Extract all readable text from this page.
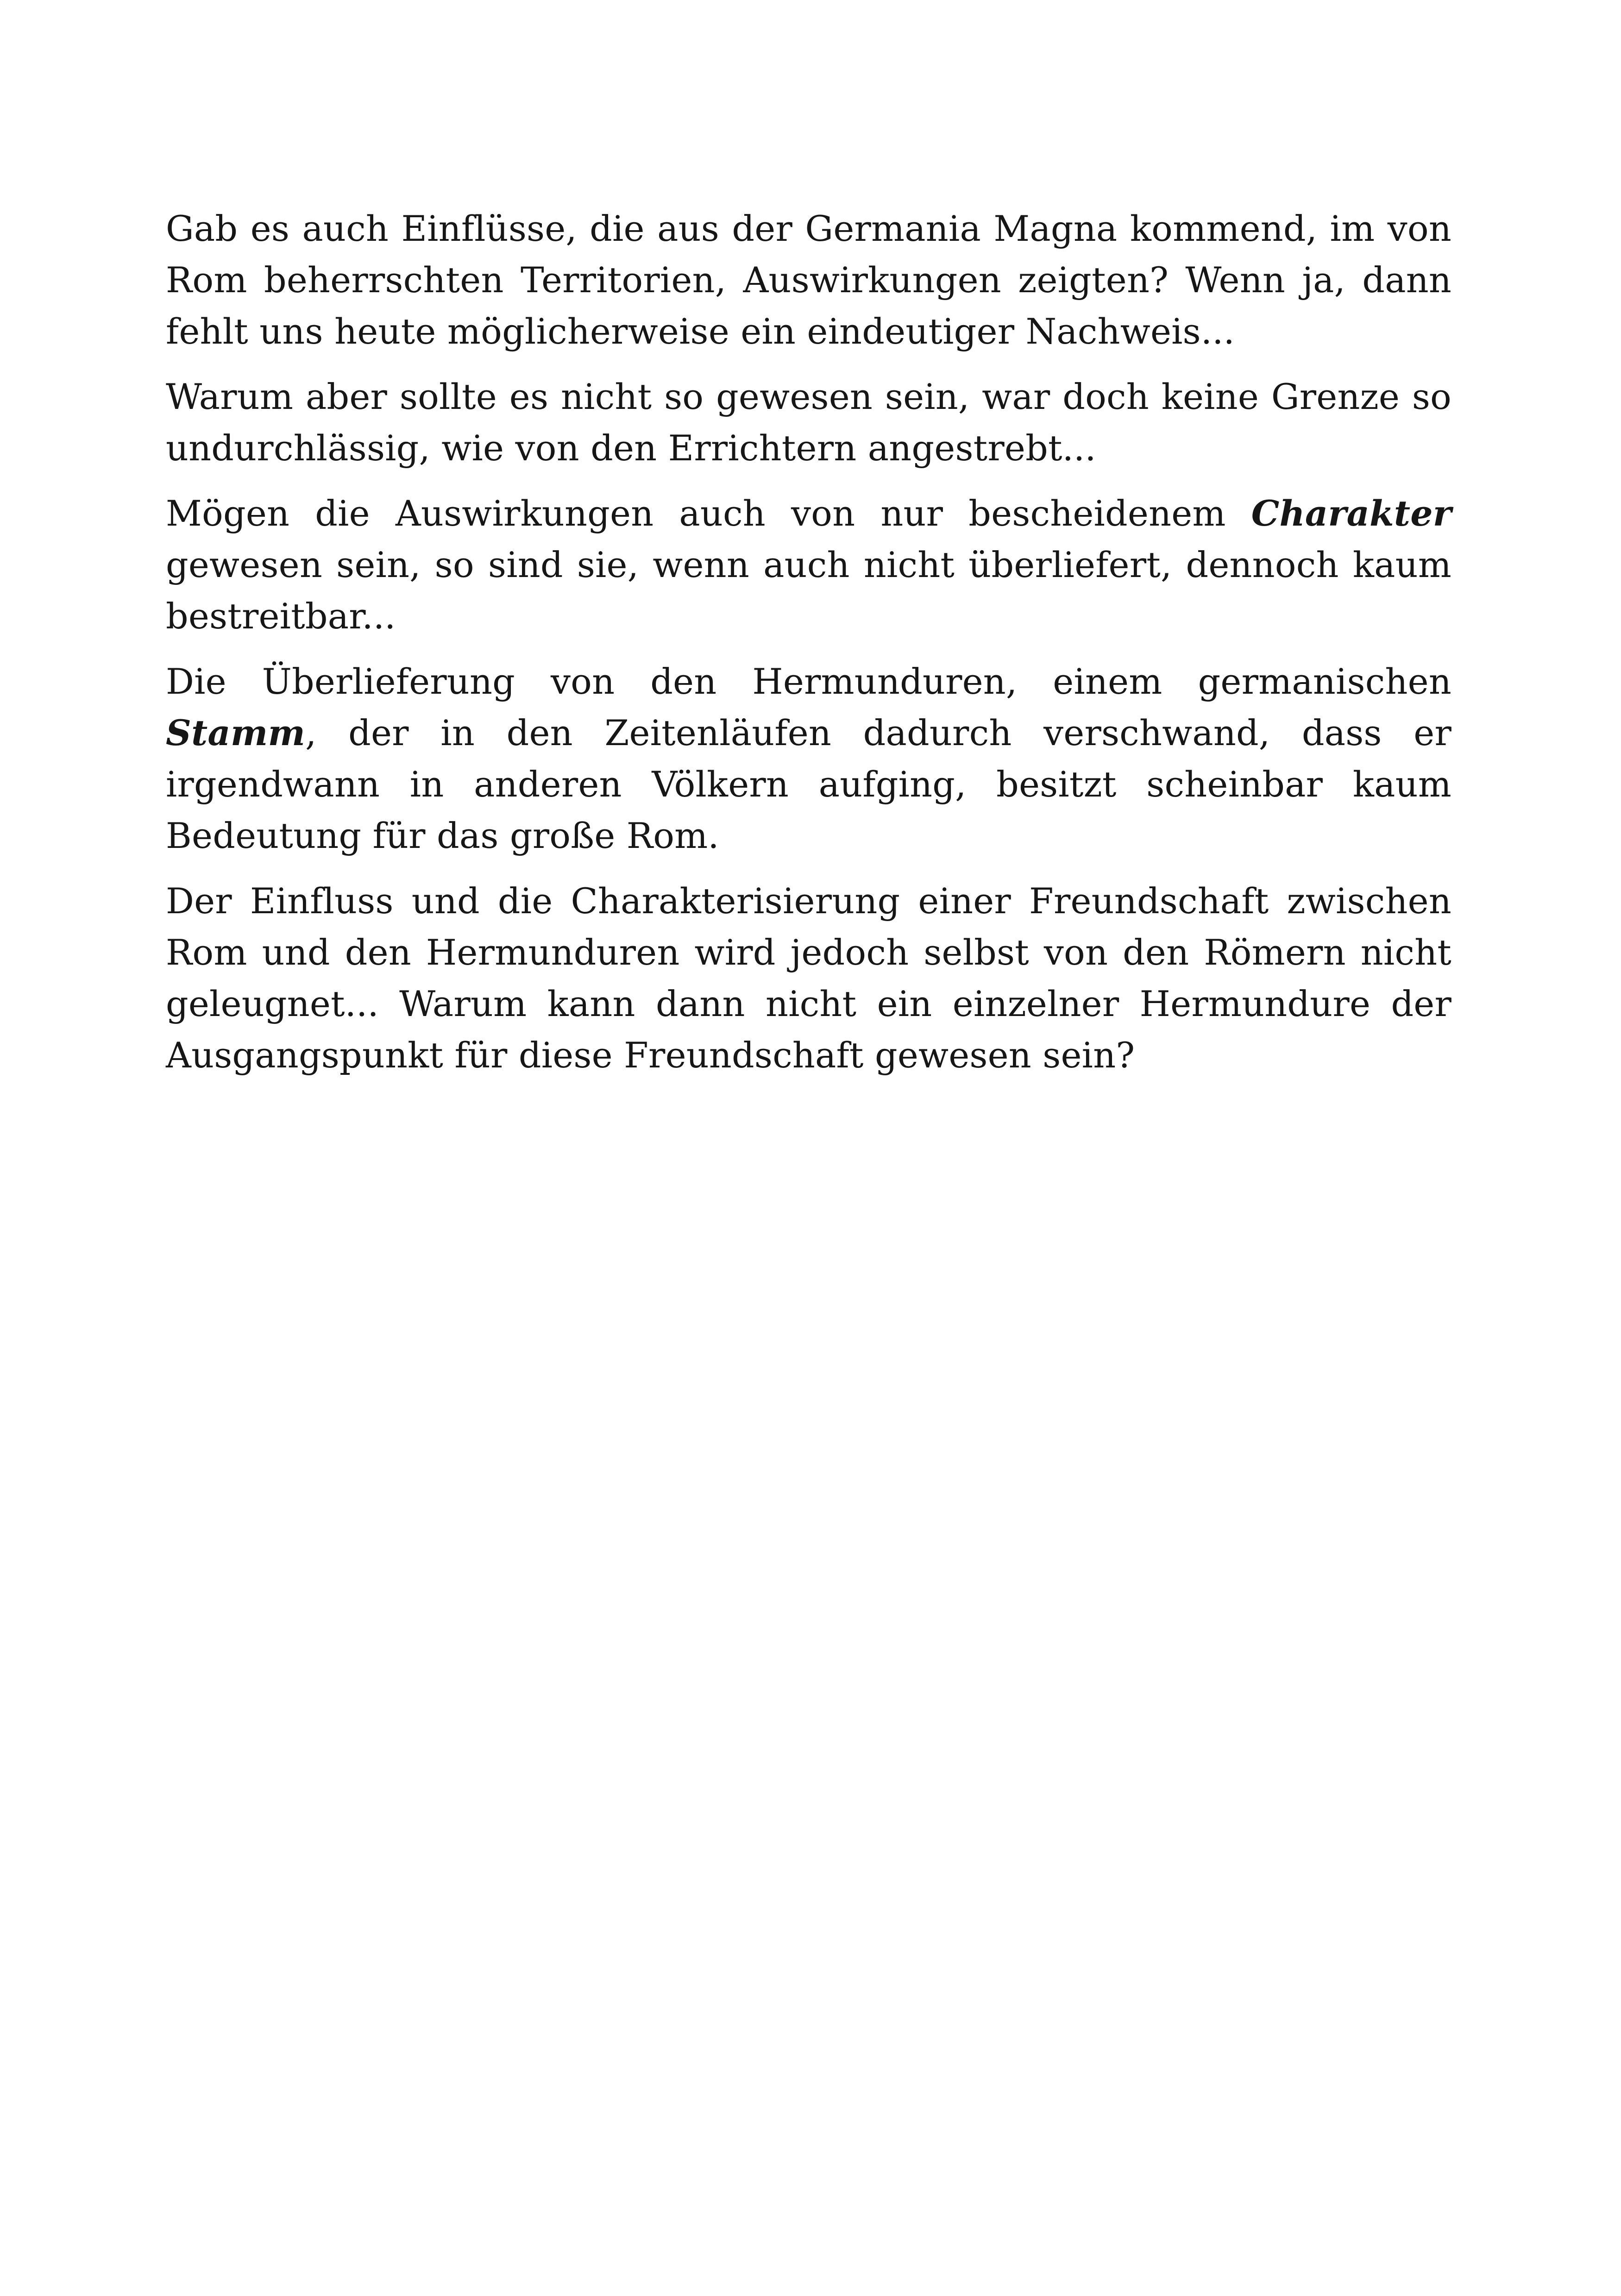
Gab es auch Einflüsse, die aus der Germania Magna kommend, im von Rom beherrschten Territorien, Auswirkungen zeigten? Wenn ja, dann fehlt uns heute möglicherweise ein eindeutiger Nachweis...

Warum aber sollte es nicht so gewesen sein, war doch keine Grenze so undurchlässig, wie von den Errichtern angestrebt...

Mögen die Auswirkungen auch von nur bescheidenem Charakter gewesen sein, so sind sie, wenn auch nicht überliefert, dennoch kaum bestreitbar...

Die Überlieferung von den Hermunduren, einem germanischen Stamm, der in den Zeitenläufen dadurch verschwand, dass er irgendwann in anderen Völkern aufging, besitzt scheinbar kaum Bedeutung für das große Rom.

Der Einfluss und die Charakterisierung einer Freundschaft zwischen Rom und den Hermunduren wird jedoch selbst von den Römern nicht geleugnet... Warum kann dann nicht ein einzelner Hermundure der Ausgangspunkt für diese Freundschaft gewesen sein?
